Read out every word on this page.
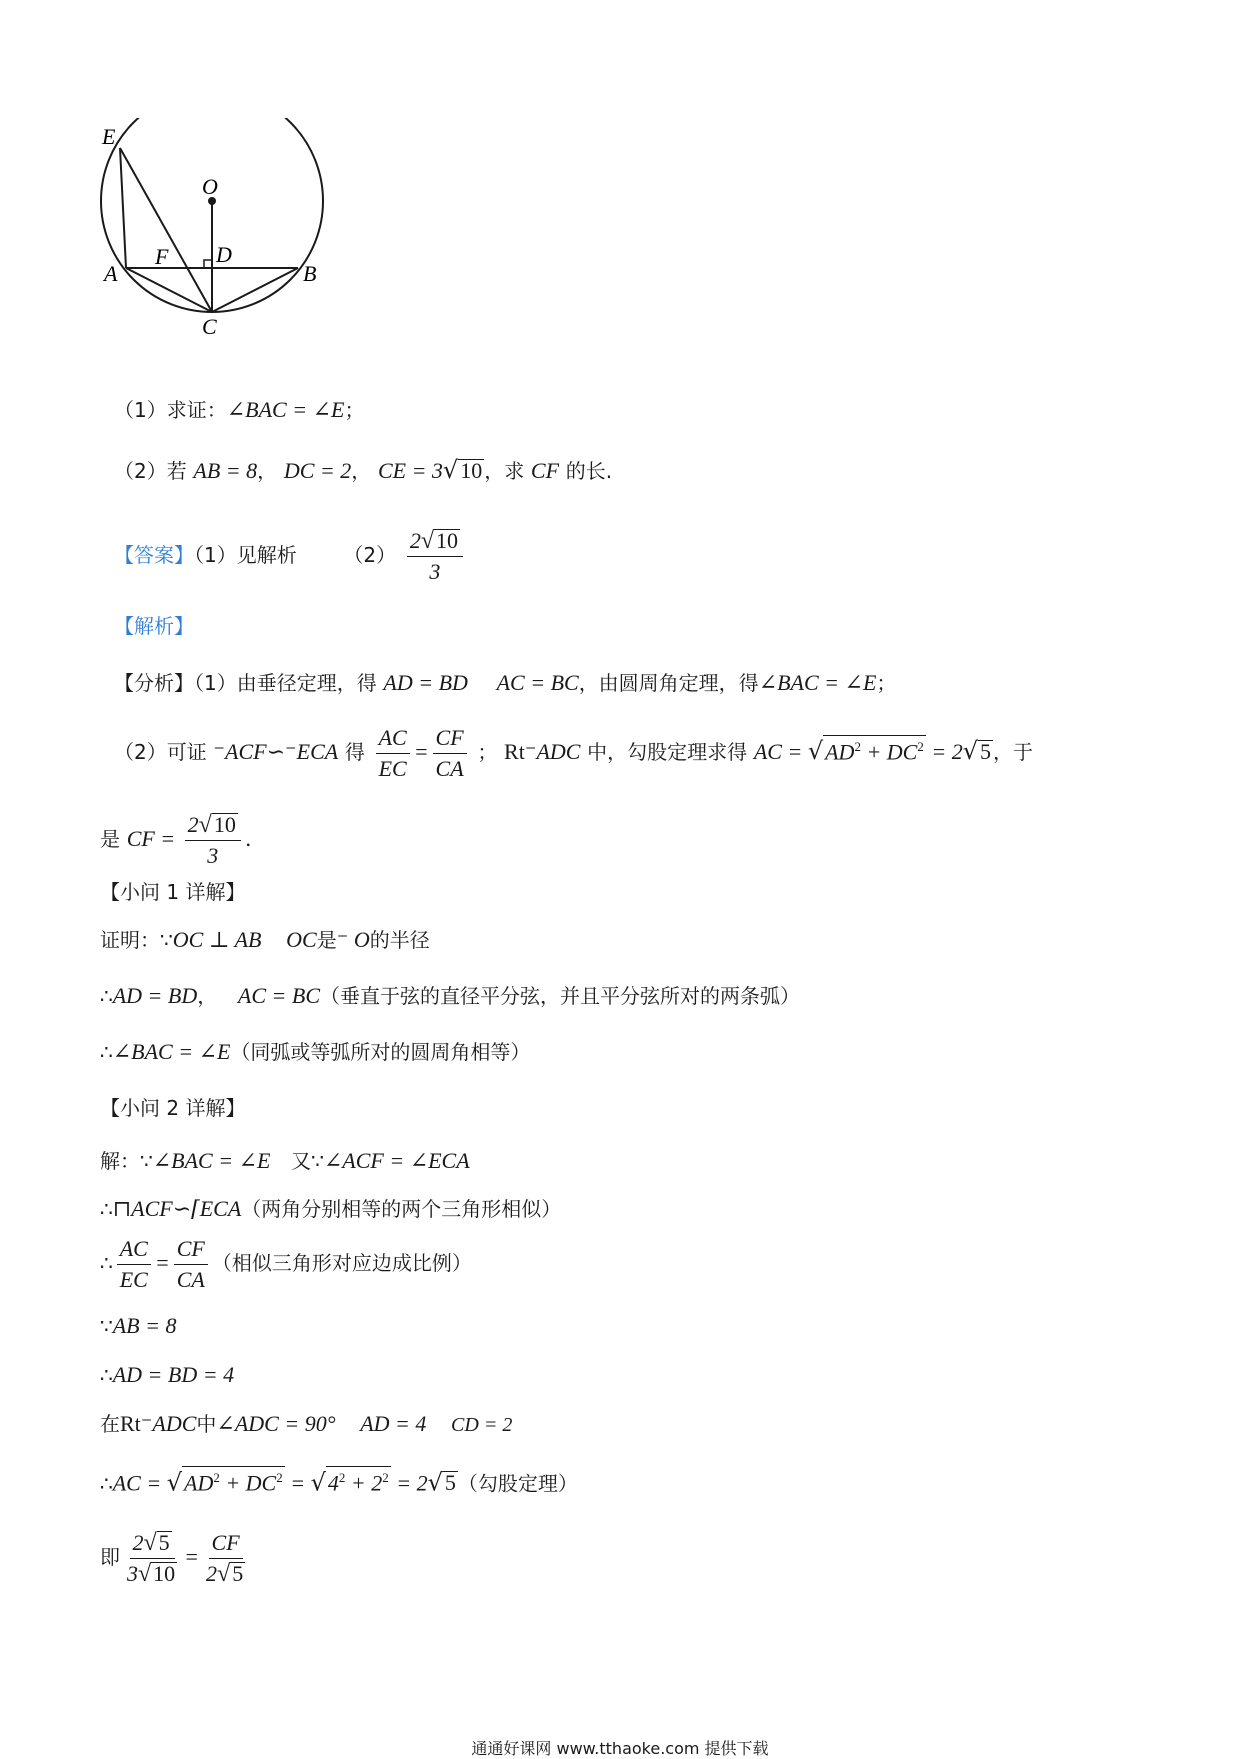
E
O
F D
A	B
C
（1）求证：∠BAC = ∠E；
（2）若 AB = 8， DC = 2， CE = 3√10 ，求 CF 的长.
【答案】（1）见解析 $(2) \frac{2√10}{3}$
【解析】
【分析】（1）由垂径定理，得 AD = BD AC = BC，由圆周角定理，得∠BAC = ∠E；
（2）可证 ⁻ACF∽⁻ECA 得 $\frac{AC}{EC} = \frac{CF}{CA}$ ； Rt⁻ADC 中，勾股定理求得 AC = $√AD^2 + DC^2 = 2√5$ ，于
是 CF = $\frac{2√10}{3}$ .
【小问 1 详解】
证明：∵OC ⊥ AB OC是⁻ O的半径
∴AD = BD， AC = BC（垂直于弦的直径平分弦，并且平分弦所对的两条弧）
∴∠BAC = ∠E（同弧或等弧所对的圆周角相等）
【小问 2 详解】
解：∵∠BAC = ∠E 又∵∠ACF = ∠ECA
∴⊓ACF∽⌈ECA（两角分别相等的两个三角形相似）
∴ $\frac{AC}{EC} = \frac{CF}{CA}$ （相似三角形对应边成比例）
∵AB = 8
∴AD = BD = 4
在Rt⁻ADC中∠ADC = 90° AD = 4 CD = 2
∴AC = $√AD^2 + DC^2 = √4^2 + 2^2 = 2√5$ （勾股定理）
即 $\frac{2√5}{3√10} = \frac{CF}{2√5}$
通通好课网 www.tthaoke.com 提供下载
